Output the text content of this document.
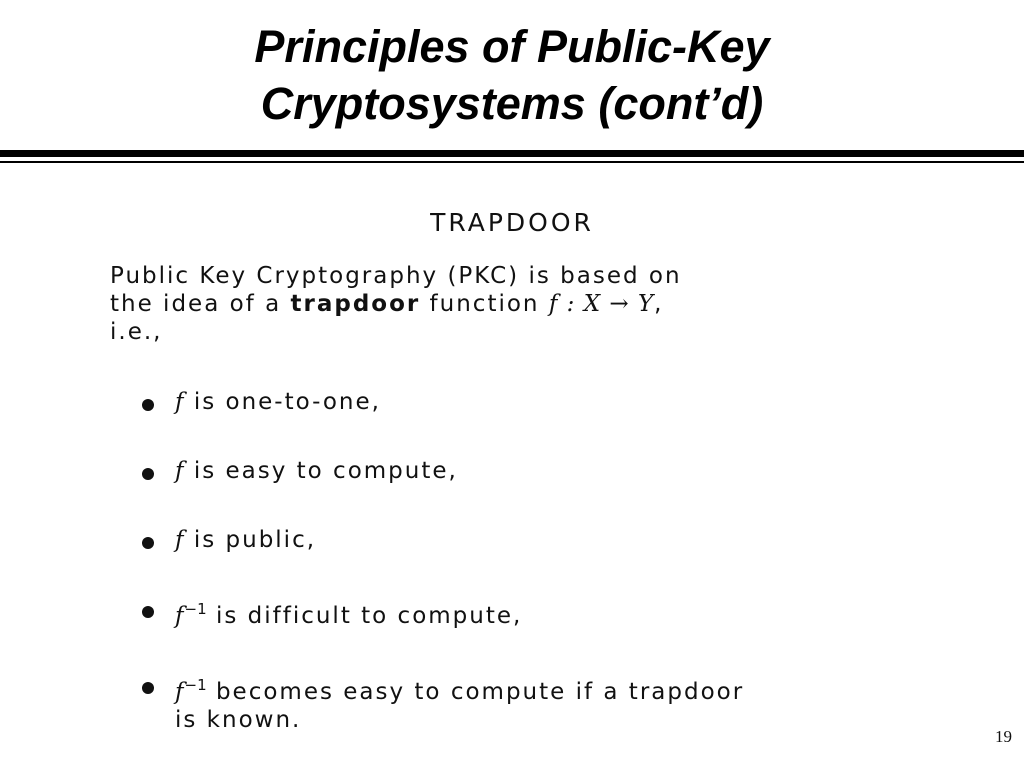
Principles of Public-Key
Cryptosystems (cont’d)
TRAPDOOR
Public Key Cryptography (PKC) is based on
the idea of a trapdoor function f : X → Y,
i.e.,
f is one-to-one,
f is easy to compute,
f is public,
$f^{-1}$ is difficult to compute,
$f^{-1}$ becomes easy to compute if a trapdoor
is known.
19
